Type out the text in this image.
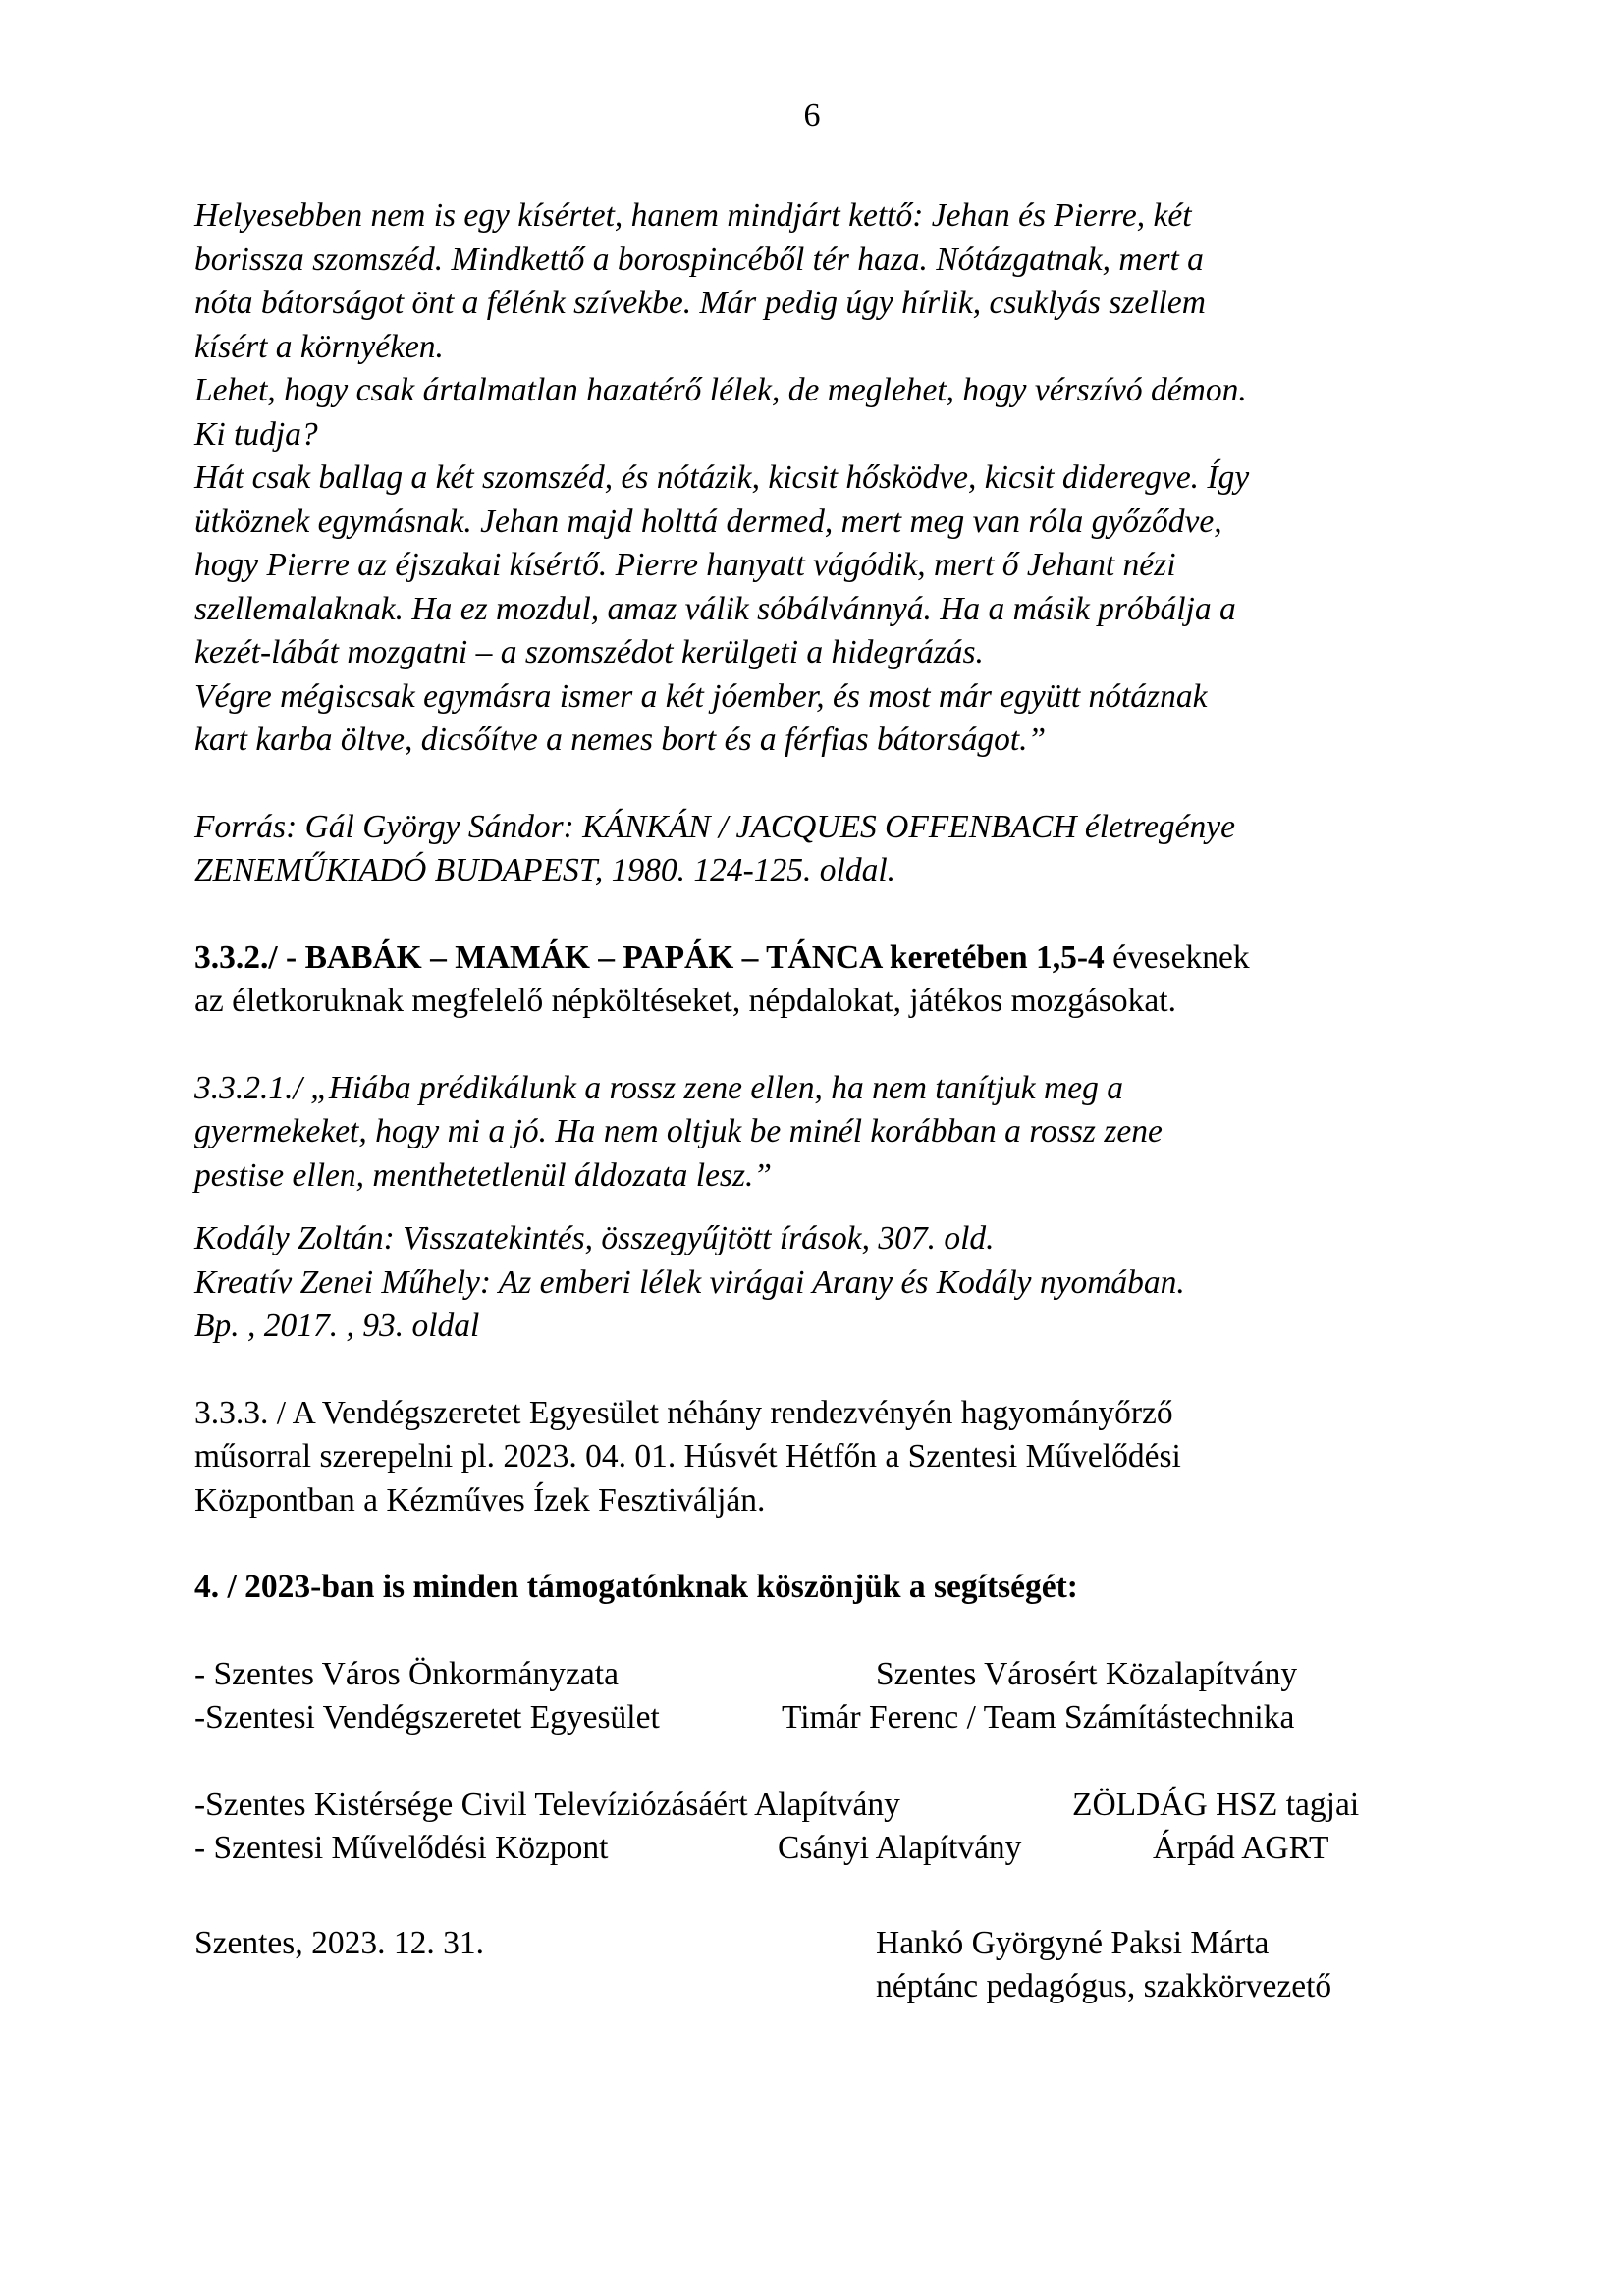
6
Helyesebben nem is egy kísértet, hanem mindjárt kettő: Jehan és Pierre, két
borissza szomszéd. Mindkettő a borospincéből tér haza. Nótázgatnak, mert a
nóta bátorságot önt a félénk szívekbe. Már pedig úgy hírlik, csuklyás szellem
kísért a környéken.
Lehet, hogy csak ártalmatlan hazatérő lélek, de meglehet, hogy vérszívó démon.
Ki tudja?
Hát csak ballag a két szomszéd, és nótázik, kicsit hősködve, kicsit dideregve. Így
ütköznek egymásnak. Jehan majd holttá dermed, mert meg van róla győződve,
hogy Pierre az éjszakai kísértő. Pierre hanyatt vágódik, mert ő Jehant nézi
szellemalaknak. Ha ez mozdul, amaz válik sóbálvánnyá. Ha a másik próbálja a
kezét-lábát mozgatni – a szomszédot kerülgeti a hidegrázás.
Végre mégiscsak egymásra ismer a két jóember, és most már együtt nótáznak
kart karba öltve, dicsőítve a nemes bort és a férfias bátorságot.”
Forrás: Gál György Sándor: KÁNKÁN / JACQUES OFFENBACH életregénye
ZENEMŰKIADÓ BUDAPEST, 1980. 124-125. oldal.
3.3.2./ - BABÁK – MAMÁK – PAPÁK – TÁNCA keretében 1,5-4 éveseknek
az életkoruknak megfelelő népköltéseket, népdalokat, játékos mozgásokat.
3.3.2.1./ „Hiába prédikálunk a rossz zene ellen, ha nem tanítjuk meg a
gyermekeket, hogy mi a jó. Ha nem oltjuk be minél korábban a rossz zene
pestise ellen, menthetetlenül áldozata lesz.”
Kodály Zoltán: Visszatekintés, összegyűjtött írások, 307. old.
Kreatív Zenei Műhely: Az emberi lélek virágai Arany és Kodály nyomában.
Bp. , 2017. , 93. oldal
3.3.3. / A Vendégszeretet Egyesület néhány rendezvényén hagyományőrző
műsorral szerepelni pl. 2023. 04. 01. Húsvét Hétfőn a Szentesi Művelődési
Központban a Kézműves Ízek Fesztiválján.
4. / 2023-ban is minden támogatónknak köszönjük a segítségét:
- Szentes Város Önkormányzata	Szentes Városért Közalapítvány
-Szentesi Vendégszeretet Egyesület	Timár Ferenc / Team Számítástechnika
-Szentes Kistérsége Civil Televíziózásáért Alapítvány	ZÖLDÁG HSZ tagjai
- Szentesi Művelődési Központ	Csányi Alapítvány	Árpád AGRT
Szentes, 2023. 12. 31.	Hankó Györgyné Paksi Márta
néptánc pedagógus, szakkörvezető
